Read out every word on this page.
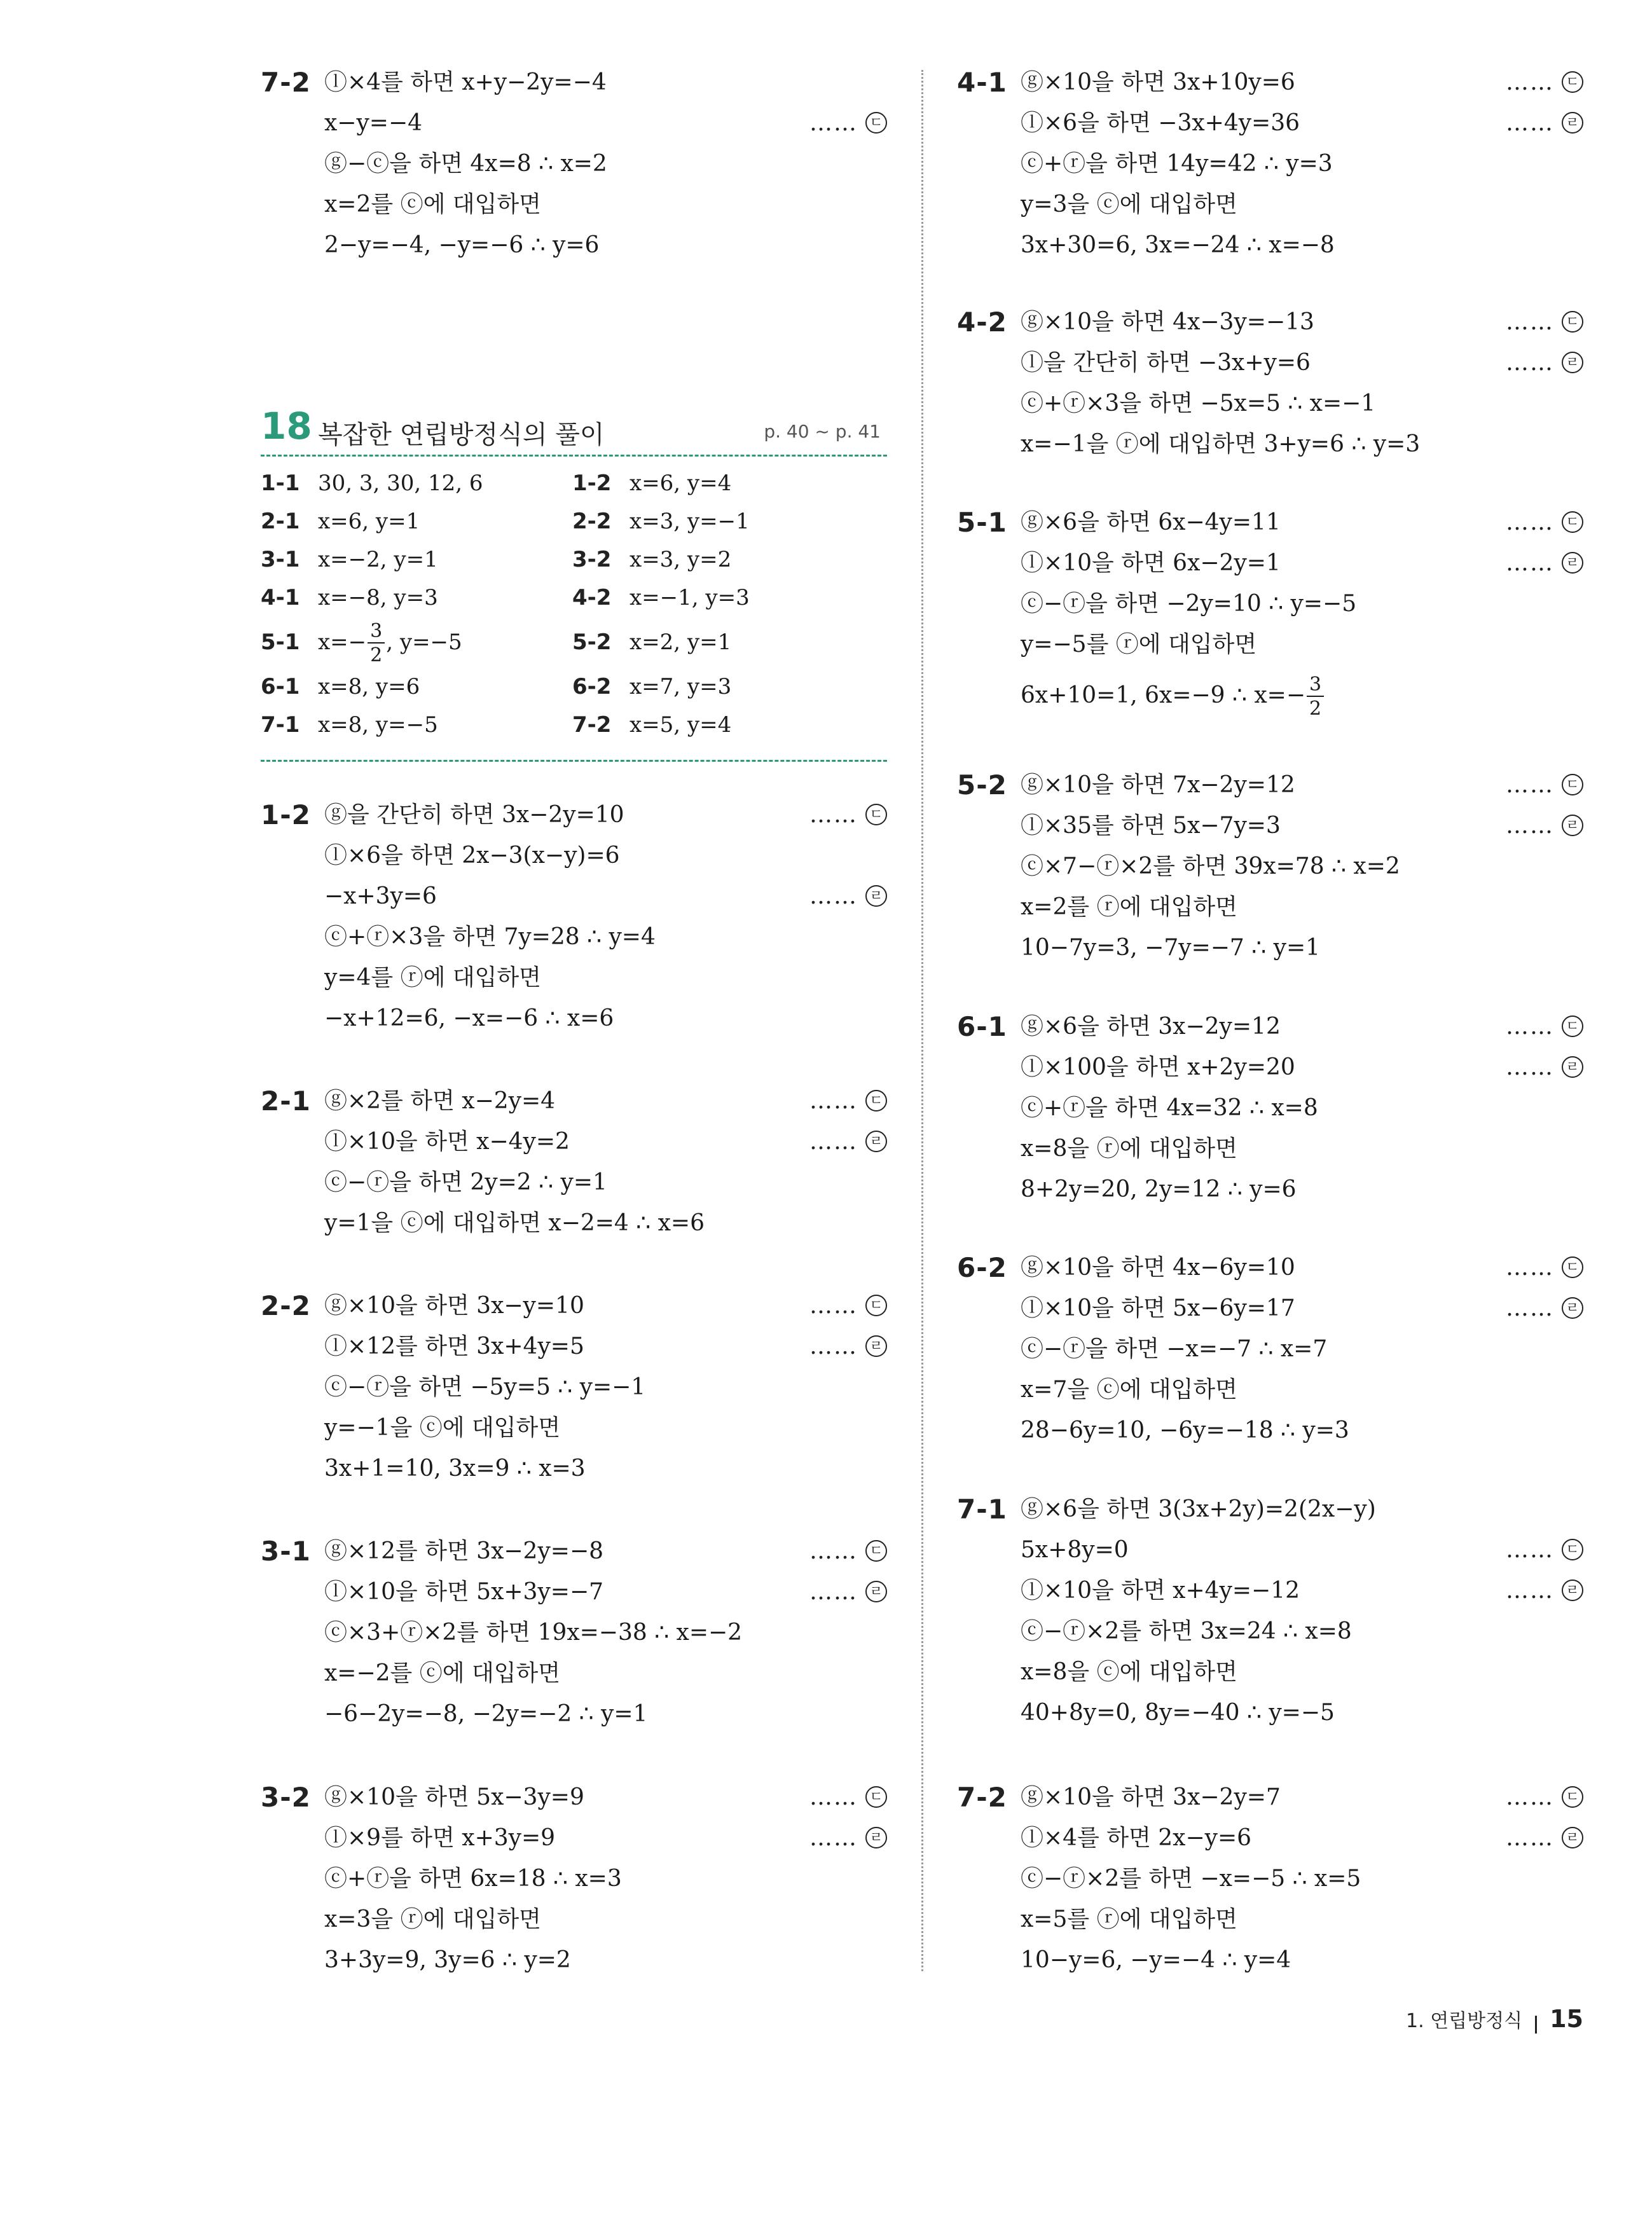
7-2 ⓛ×4를 하면 x+y−2y=−4
x−y=−4	…… ㄷ
ⓖ−ⓒ을 하면 4x=8 ∴ x=2
x=2를 ⓒ에 대입하면
2−y=−4, −y=−6 ∴ y=6
1-2 ⓖ을 간단히 하면 3x−2y=10	…… ㄷ
ⓛ×6을 하면 2x−3(x−y)=6
−x+3y=6	…… ㄹ
ⓒ+ⓡ×3을 하면 7y=28 ∴ y=4
y=4를 ⓡ에 대입하면
−x+12=6, −x=−6 ∴ x=6
2-1 ⓖ×2를 하면 x−2y=4	…… ㄷ
ⓛ×10을 하면 x−4y=2	…… ㄹ
ⓒ−ⓡ을 하면 2y=2 ∴ y=1
y=1을 ⓒ에 대입하면 x−2=4 ∴ x=6
2-2 ⓖ×10을 하면 3x−y=10	…… ㄷ
ⓛ×12를 하면 3x+4y=5	…… ㄹ
ⓒ−ⓡ을 하면 −5y=5 ∴ y=−1
y=−1을 ⓒ에 대입하면
3x+1=10, 3x=9 ∴ x=3
3-1 ⓖ×12를 하면 3x−2y=−8	…… ㄷ
ⓛ×10을 하면 5x+3y=−7	…… ㄹ
ⓒ×3+ⓡ×2를 하면 19x=−38 ∴ x=−2
x=−2를 ⓒ에 대입하면
−6−2y=−8, −2y=−2 ∴ y=1
3-2 ⓖ×10을 하면 5x−3y=9	…… ㄷ
ⓛ×9를 하면 x+3y=9	…… ㄹ
ⓒ+ⓡ을 하면 6x=18 ∴ x=3
x=3을 ⓡ에 대입하면
3+3y=9, 3y=6 ∴ y=2
18 복잡한 연립방정식의 풀이	p. 40 ~ p. 41
1-1 30, 3, 30, 12, 6	1-2 x=6, y=4
2-1 x=6, y=1	2-2 x=3, y=−1
3-1 x=−2, y=1	3-2 x=3, y=2
4-1 x=−8, y=3	4-2 x=−1, y=3
5-1 $x=- \frac{3}{2}$ , y=−5	5-2 x=2, y=1
6-1 x=8, y=6	6-2 x=7, y=3
7-1 x=8, y=−5	7-2 x=5, y=4
4-1 ⓖ×10을 하면 3x+10y=6	…… ㄷ
ⓛ×6을 하면 −3x+4y=36	…… ㄹ
ⓒ+ⓡ을 하면 14y=42 ∴ y=3
y=3을 ⓒ에 대입하면
3x+30=6, 3x=−24 ∴ x=−8
4-2 ⓖ×10을 하면 4x−3y=−13	…… ㄷ
ⓛ을 간단히 하면 −3x+y=6	…… ㄹ
ⓒ+ⓡ×3을 하면 −5x=5 ∴ x=−1
x=−1을 ⓡ에 대입하면 3+y=6 ∴ y=3
5-1 ⓖ×6을 하면 6x−4y=11	…… ㄷ
ⓛ×10을 하면 6x−2y=1	…… ㄹ
ⓒ−ⓡ을 하면 −2y=10 ∴ y=−5
y=−5를 ⓡ에 대입하면
6x+10=1, 6x=−9 ∴ $x=- \frac{3}{2}$
5-2 ⓖ×10을 하면 7x−2y=12	…… ㄷ
ⓛ×35를 하면 5x−7y=3	…… ㄹ
ⓒ×7−ⓡ×2를 하면 39x=78 ∴ x=2
x=2를 ⓡ에 대입하면
10−7y=3, −7y=−7 ∴ y=1
6-1 ⓖ×6을 하면 3x−2y=12	…… ㄷ
ⓛ×100을 하면 x+2y=20	…… ㄹ
ⓒ+ⓡ을 하면 4x=32 ∴ x=8
x=8을 ⓡ에 대입하면
8+2y=20, 2y=12 ∴ y=6
6-2 ⓖ×10을 하면 4x−6y=10	…… ㄷ
ⓛ×10을 하면 5x−6y=17	…… ㄹ
ⓒ−ⓡ을 하면 −x=−7 ∴ x=7
x=7을 ⓒ에 대입하면
28−6y=10, −6y=−18 ∴ y=3
7-1 ⓖ×6을 하면 3(3x+2y)=2(2x−y)
5x+8y=0	…… ㄷ
ⓛ×10을 하면 x+4y=−12	…… ㄹ
ⓒ−ⓡ×2를 하면 3x=24 ∴ x=8
x=8을 ⓒ에 대입하면
40+8y=0, 8y=−40 ∴ y=−5
7-2 ⓖ×10을 하면 3x−2y=7	…… ㄷ
ⓛ×4를 하면 2x−y=6	…… ㄹ
ⓒ−ⓡ×2를 하면 −x=−5 ∴ x=5
x=5를 ⓡ에 대입하면
10−y=6, −y=−4 ∴ y=4
1. 연립방정식 15
